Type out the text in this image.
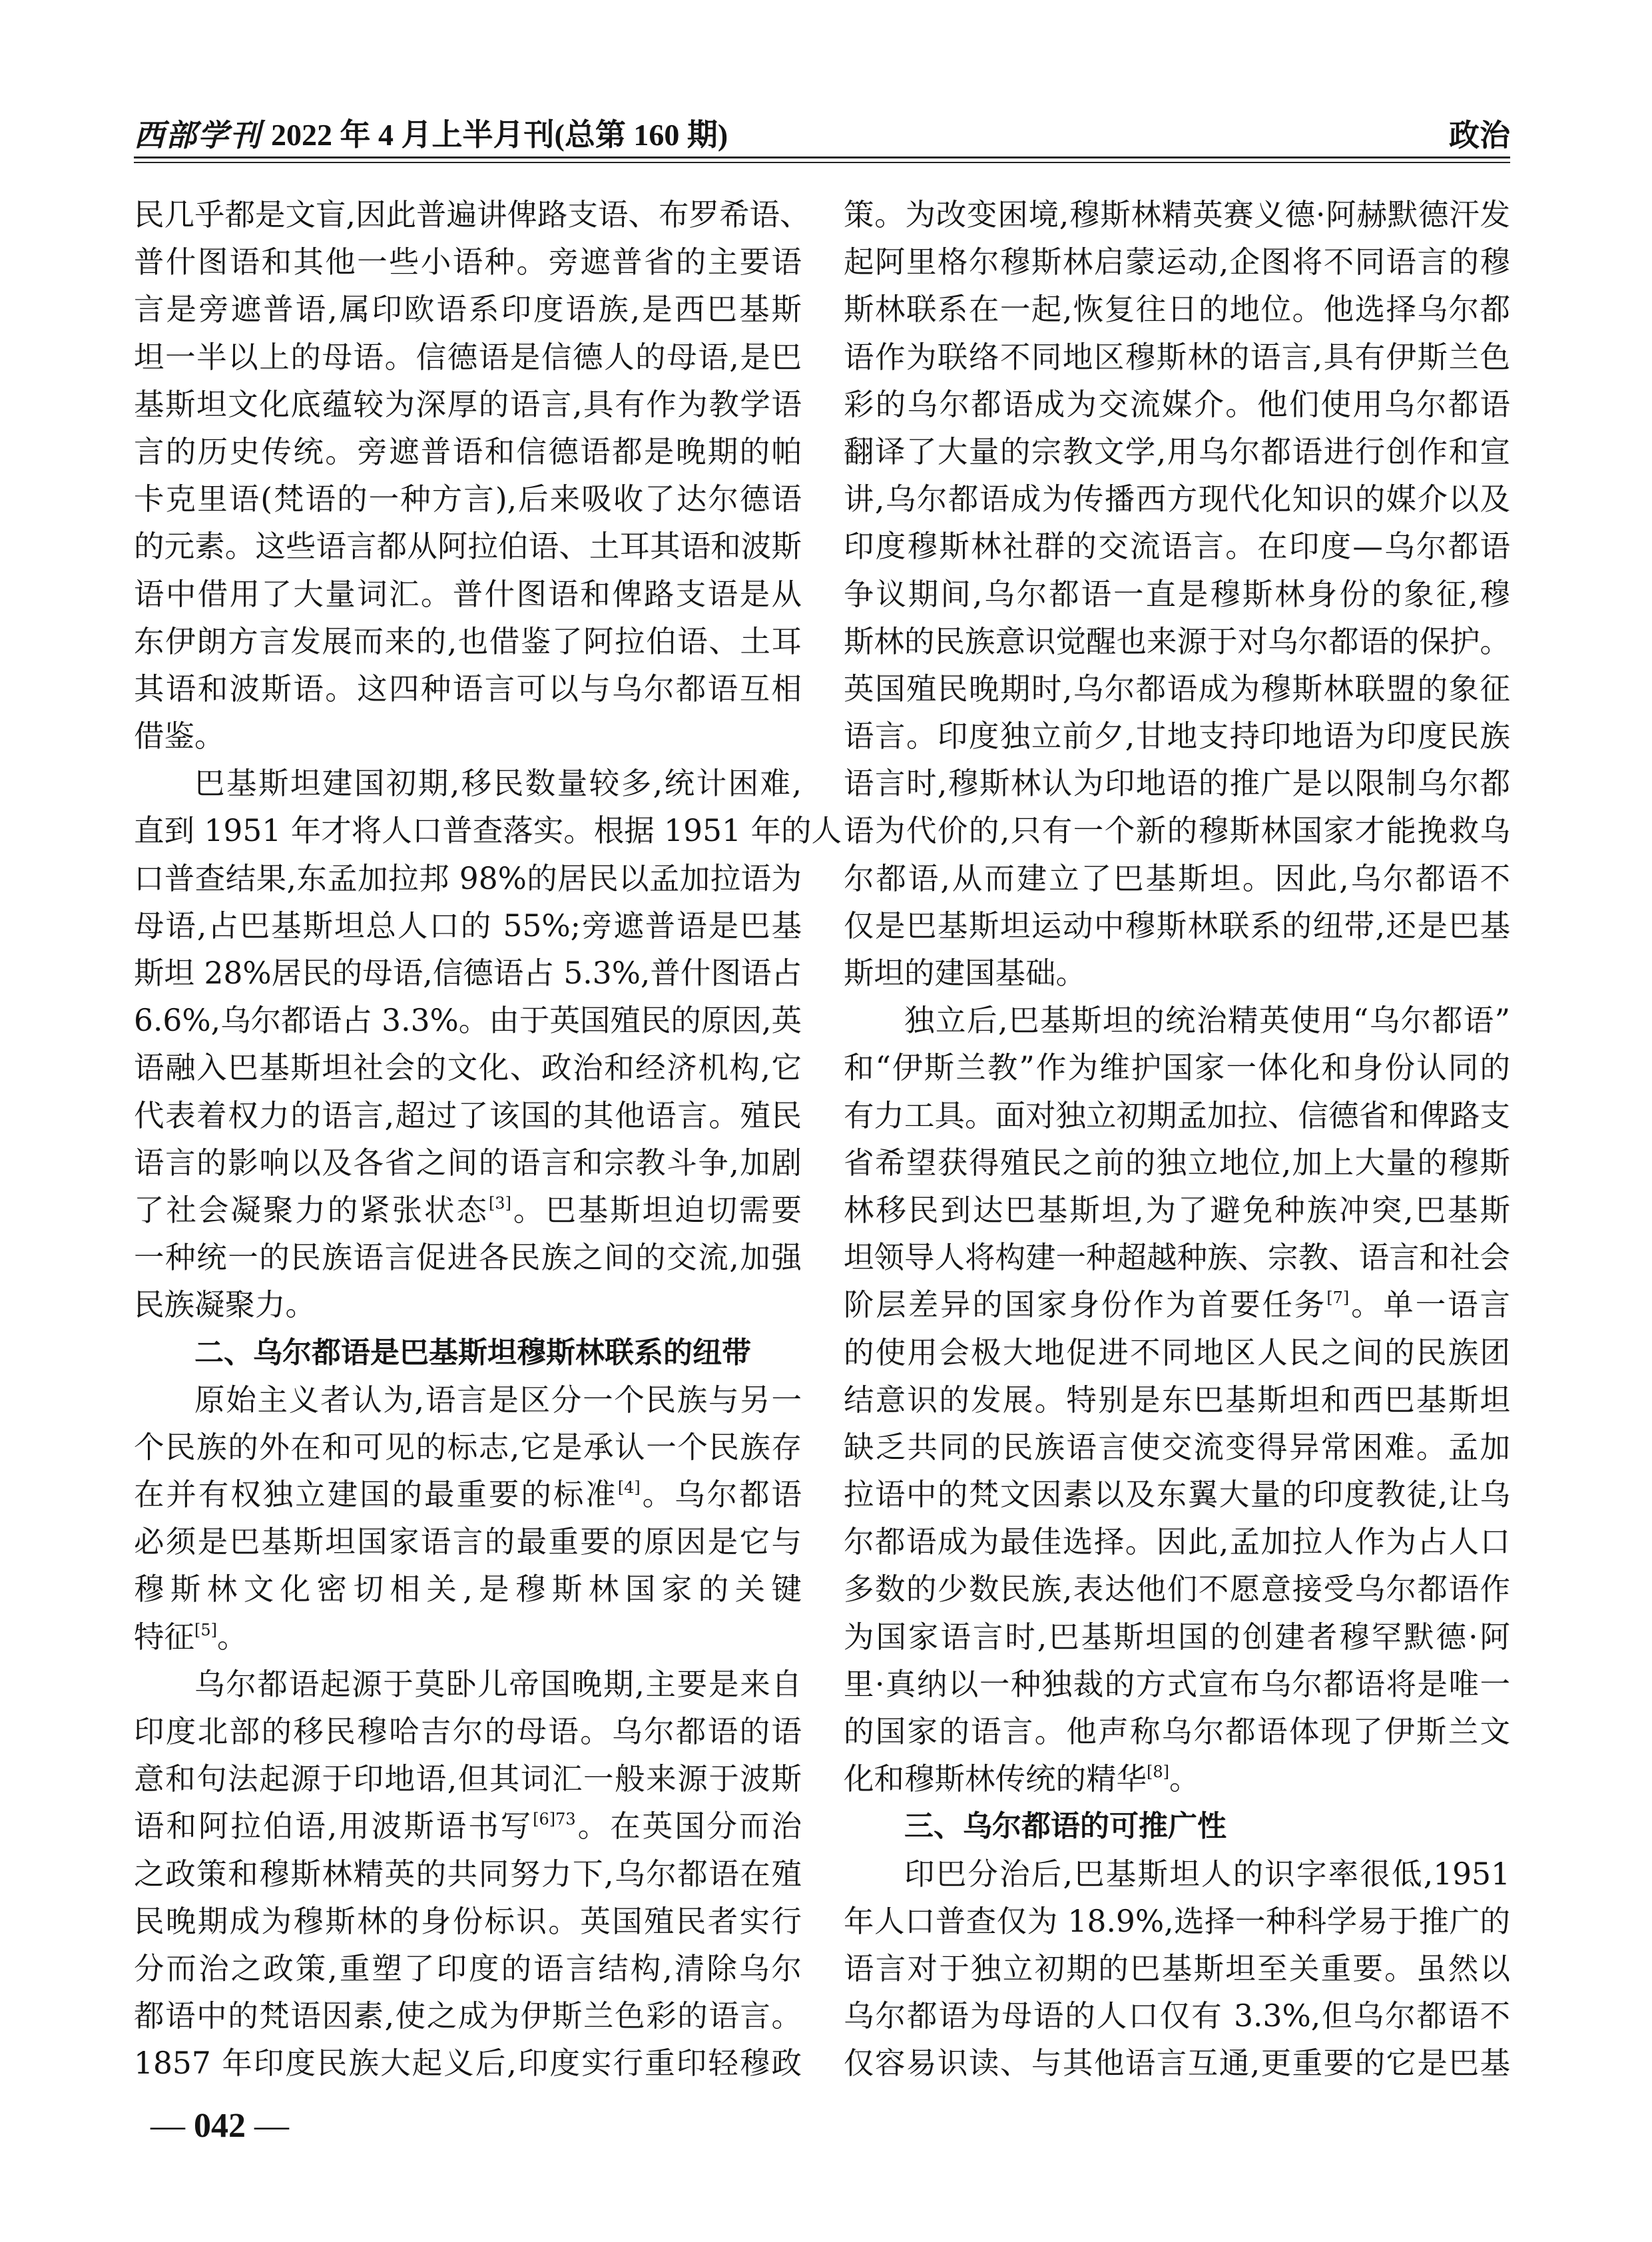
西部学刊 2022 年 4 月上半月刊(总第 160 期)	政治
民几乎都是文盲,因此普遍讲俾路支语、布罗希语、
普什图语和其他一些小语种。旁遮普省的主要语
言是旁遮普语,属印欧语系印度语族,是西巴基斯
坦一半以上的母语。信德语是信德人的母语,是巴
基斯坦文化底蕴较为深厚的语言,具有作为教学语
言的历史传统。旁遮普语和信德语都是晚期的帕
卡克里语(梵语的一种方言),后来吸收了达尔德语
的元素。这些语言都从阿拉伯语、土耳其语和波斯
语中借用了大量词汇。普什图语和俾路支语是从
东伊朗方言发展而来的,也借鉴了阿拉伯语、土耳
其语和波斯语。这四种语言可以与乌尔都语互相
借鉴。
巴基斯坦建国初期,移民数量较多,统计困难,
直到 1951 年才将人口普查落实。根据 1951 年的人
口普查结果,东孟加拉邦 98%的居民以孟加拉语为
母语,占巴基斯坦总人口的 55%;旁遮普语是巴基
斯坦 28%居民的母语,信德语占 5.3%,普什图语占
6.6%,乌尔都语占 3.3%。由于英国殖民的原因,英
语融入巴基斯坦社会的文化、政治和经济机构,它
代表着权力的语言,超过了该国的其他语言。殖民
语言的影响以及各省之间的语言和宗教斗争,加剧
了社会凝聚力的紧张状态[3]。巴基斯坦迫切需要
一种统一的民族语言促进各民族之间的交流,加强
民族凝聚力。
二、乌尔都语是巴基斯坦穆斯林联系的纽带
原始主义者认为,语言是区分一个民族与另一
个民族的外在和可见的标志,它是承认一个民族存
在并有权独立建国的最重要的标准[4]。乌尔都语
必须是巴基斯坦国家语言的最重要的原因是它与
穆斯林文化密切相关,是穆斯林国家的关键
特征[5]。
乌尔都语起源于莫卧儿帝国晚期,主要是来自
印度北部的移民穆哈吉尔的母语。乌尔都语的语
意和句法起源于印地语,但其词汇一般来源于波斯
语和阿拉伯语,用波斯语书写$^{[6]73}$。在英国分而治
之政策和穆斯林精英的共同努力下,乌尔都语在殖
民晚期成为穆斯林的身份标识。英国殖民者实行
分而治之政策,重塑了印度的语言结构,清除乌尔
都语中的梵语因素,使之成为伊斯兰色彩的语言。
1857 年印度民族大起义后,印度实行重印轻穆政
策。为改变困境,穆斯林精英赛义德·阿赫默德汗发
起阿里格尔穆斯林启蒙运动,企图将不同语言的穆
斯林联系在一起,恢复往日的地位。他选择乌尔都
语作为联络不同地区穆斯林的语言,具有伊斯兰色
彩的乌尔都语成为交流媒介。他们使用乌尔都语
翻译了大量的宗教文学,用乌尔都语进行创作和宣
讲,乌尔都语成为传播西方现代化知识的媒介以及
印度穆斯林社群的交流语言。在印度—乌尔都语
争议期间,乌尔都语一直是穆斯林身份的象征,穆
斯林的民族意识觉醒也来源于对乌尔都语的保护。
英国殖民晚期时,乌尔都语成为穆斯林联盟的象征
语言。印度独立前夕,甘地支持印地语为印度民族
语言时,穆斯林认为印地语的推广是以限制乌尔都
语为代价的,只有一个新的穆斯林国家才能挽救乌
尔都语,从而建立了巴基斯坦。因此,乌尔都语不
仅是巴基斯坦运动中穆斯林联系的纽带,还是巴基
斯坦的建国基础。
独立后,巴基斯坦的统治精英使用“乌尔都语”
和“伊斯兰教”作为维护国家一体化和身份认同的
有力工具。面对独立初期孟加拉、信德省和俾路支
省希望获得殖民之前的独立地位,加上大量的穆斯
林移民到达巴基斯坦,为了避免种族冲突,巴基斯
坦领导人将构建一种超越种族、宗教、语言和社会
阶层差异的国家身份作为首要任务[7]。单一语言
的使用会极大地促进不同地区人民之间的民族团
结意识的发展。特别是东巴基斯坦和西巴基斯坦
缺乏共同的民族语言使交流变得异常困难。孟加
拉语中的梵文因素以及东翼大量的印度教徒,让乌
尔都语成为最佳选择。因此,孟加拉人作为占人口
多数的少数民族,表达他们不愿意接受乌尔都语作
为国家语言时,巴基斯坦国的创建者穆罕默德·阿
里·真纳以一种独裁的方式宣布乌尔都语将是唯一
的国家的语言。他声称乌尔都语体现了伊斯兰文
化和穆斯林传统的精华[8]。
三、乌尔都语的可推广性
印巴分治后,巴基斯坦人的识字率很低,1951
年人口普查仅为 18.9%,选择一种科学易于推广的
语言对于独立初期的巴基斯坦至关重要。虽然以
乌尔都语为母语的人口仅有 3.3%,但乌尔都语不
仅容易识读、与其他语言互通,更重要的它是巴基
— 042 —
